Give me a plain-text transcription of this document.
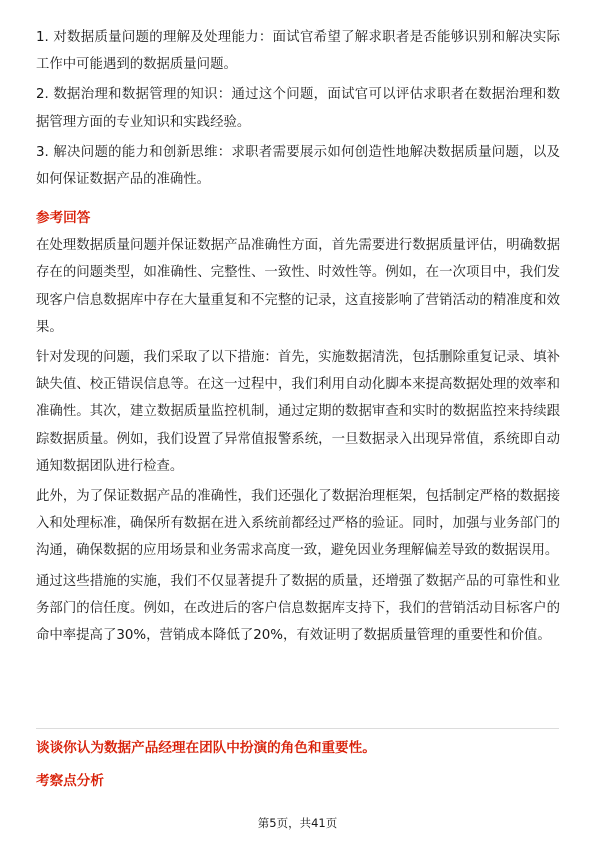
1. 对数据质量问题的理解及处理能力：面试官希望了解求职者是否能够识别和解决实际工作中可能遇到的数据质量问题。

2. 数据治理和数据管理的知识：通过这个问题，面试官可以评估求职者在数据治理和数据管理方面的专业知识和实践经验。

3. 解决问题的能力和创新思维：求职者需要展示如何创造性地解决数据质量问题，以及如何保证数据产品的准确性。

参考回答

在处理数据质量问题并保证数据产品准确性方面，首先需要进行数据质量评估，明确数据存在的问题类型，如准确性、完整性、一致性、时效性等。例如，在一次项目中，我们发现客户信息数据库中存在大量重复和不完整的记录，这直接影响了营销活动的精准度和效果。

针对发现的问题，我们采取了以下措施：首先，实施数据清洗，包括删除重复记录、填补缺失值、校正错误信息等。在这一过程中，我们利用自动化脚本来提高数据处理的效率和准确性。其次，建立数据质量监控机制，通过定期的数据审查和实时的数据监控来持续跟踪数据质量。例如，我们设置了异常值报警系统，一旦数据录入出现异常值，系统即自动通知数据团队进行检查。

此外，为了保证数据产品的准确性，我们还强化了数据治理框架，包括制定严格的数据接入和处理标准，确保所有数据在进入系统前都经过严格的验证。同时，加强与业务部门的沟通，确保数据的应用场景和业务需求高度一致，避免因业务理解偏差导致的数据误用。

通过这些措施的实施，我们不仅显著提升了数据的质量，还增强了数据产品的可靠性和业务部门的信任度。例如，在改进后的客户信息数据库支持下，我们的营销活动目标客户的命中率提高了30%，营销成本降低了20%，有效证明了数据质量管理的重要性和价值。

谈谈你认为数据产品经理在团队中扮演的角色和重要性。

考察点分析

第5页，共41页
